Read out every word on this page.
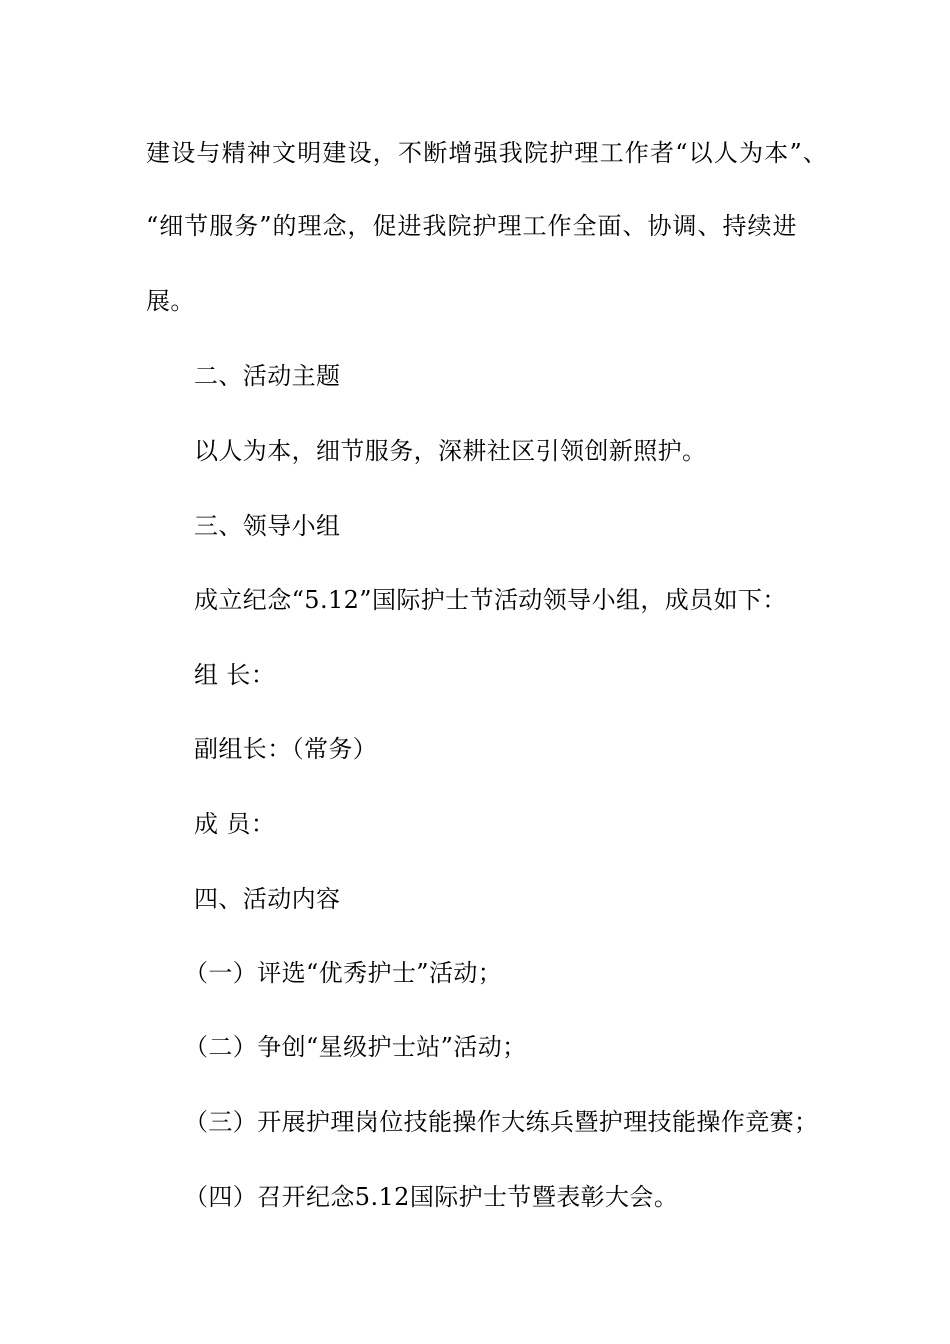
建设与精神文明建设，不断增强我院护理工作者“以人为本”、
“细节服务”的理念，促进我院护理工作全面、协调、持续进
展。
二、活动主题
以人为本，细节服务，深耕社区引领创新照护。
三、领导小组
成立纪念“5.12”国际护士节活动领导小组，成员如下：
组 长：
副组长：（常务）
成 员：
四、活动内容
（一）评选“优秀护士”活动；
（二）争创“星级护士站”活动；
（三）开展护理岗位技能操作大练兵暨护理技能操作竞赛；
（四）召开纪念5.12国际护士节暨表彰大会。
